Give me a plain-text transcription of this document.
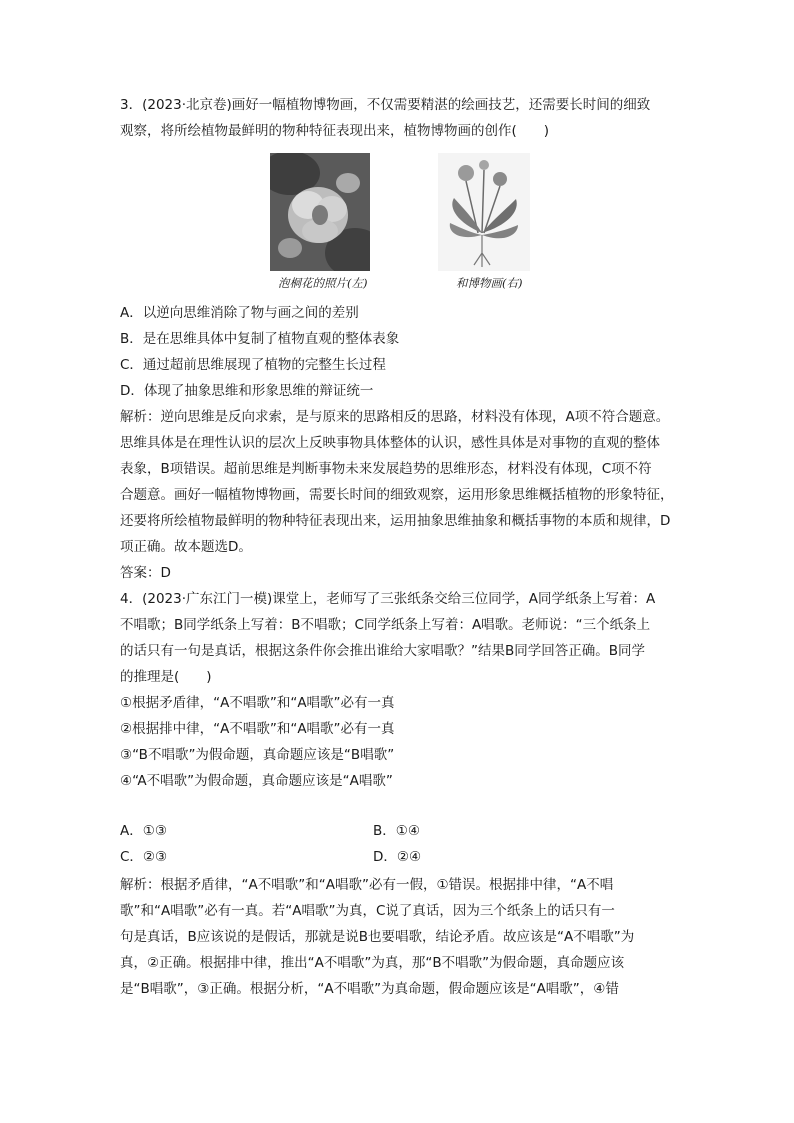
3．(2023·北京卷)画好一幅植物博物画，不仅需要精湛的绘画技艺，还需要长时间的细致
观察，将所绘植物最鲜明的物种特征表现出来，植物博物画的创作(　　)
泡桐花的照片(左)	和博物画(右)
A．以逆向思维消除了物与画之间的差别
B．是在思维具体中复制了植物直观的整体表象
C．通过超前思维展现了植物的完整生长过程
D．体现了抽象思维和形象思维的辩证统一
解析：逆向思维是反向求索，是与原来的思路相反的思路，材料没有体现，A项不符合题意。
思维具体是在理性认识的层次上反映事物具体整体的认识，感性具体是对事物的直观的整体
表象，B项错误。超前思维是判断事物未来发展趋势的思维形态，材料没有体现，C项不符
合题意。画好一幅植物博物画，需要长时间的细致观察，运用形象思维概括植物的形象特征，
还要将所绘植物最鲜明的物种特征表现出来，运用抽象思维抽象和概括事物的本质和规律，D
项正确。故本题选D。
答案：D
4．(2023·广东江门一模)课堂上，老师写了三张纸条交给三位同学，A同学纸条上写着：A
不唱歌；B同学纸条上写着：B不唱歌；C同学纸条上写着：A唱歌。老师说：“三个纸条上
的话只有一句是真话，根据这条件你会推出谁给大家唱歌？”结果B同学回答正确。B同学
的推理是(　　)
①根据矛盾律，“A不唱歌”和“A唱歌”必有一真
②根据排中律，“A不唱歌”和“A唱歌”必有一真
③“B不唱歌”为假命题，真命题应该是“B唱歌”
④“A不唱歌”为假命题，真命题应该是“A唱歌”
A．①③	B．①④
C．②③	D．②④
解析：根据矛盾律，“A不唱歌”和“A唱歌”必有一假，①错误。根据排中律，“A不唱
歌”和“A唱歌”必有一真。若“A唱歌”为真，C说了真话，因为三个纸条上的话只有一
句是真话，B应该说的是假话，那就是说B也要唱歌，结论矛盾。故应该是“A不唱歌”为
真，②正确。根据排中律，推出“A不唱歌”为真，那“B不唱歌”为假命题，真命题应该
是“B唱歌”，③正确。根据分析，“A不唱歌”为真命题，假命题应该是“A唱歌”，④错
